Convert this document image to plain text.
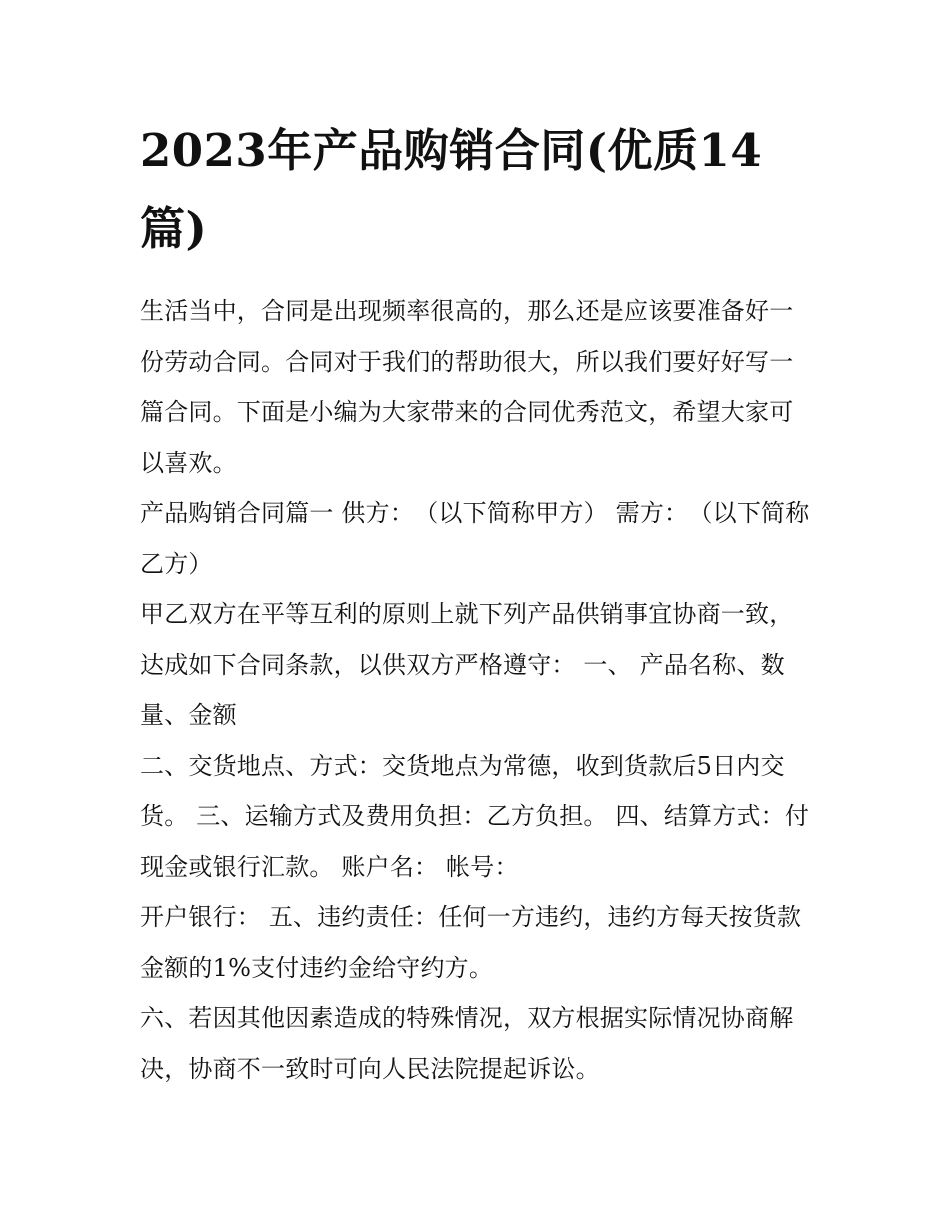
2023年产品购销合同(优质14篇)

生活当中，合同是出现频率很高的，那么还是应该要准备好一份劳动合同。合同对于我们的帮助很大，所以我们要好好写一篇合同。下面是小编为大家带来的合同优秀范文，希望大家可以喜欢。

产品购销合同篇一 供方：　（以下简称甲方） 需方：　（以下简称乙方）

甲乙双方在平等互利的原则上就下列产品供销事宜协商一致，达成如下合同条款，以供双方严格遵守： 一、 产品名称、数量、金额

二、交货地点、方式：交货地点为常德，收到货款后5日内交货。 三、运输方式及费用负担：乙方负担。 四、结算方式：付现金或银行汇款。 账户名： 帐号：

开户银行： 五、违约责任：任何一方违约，违约方每天按货款金额的1%支付违约金给守约方。

六、若因其他因素造成的特殊情况，双方根据实际情况协商解决，协商不一致时可向人民法院提起诉讼。
